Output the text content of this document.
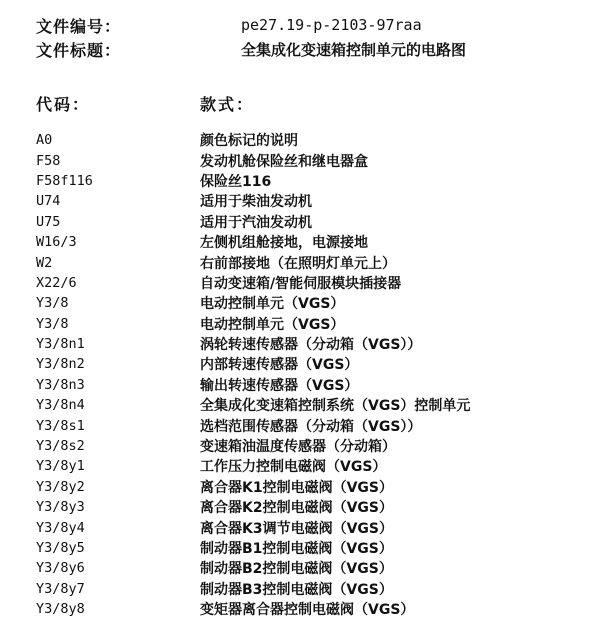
文件编号：	pe27.19-p-2103-97raa
文件标题：	全集成化变速箱控制单元的电路图
代码：	款式：
A0	颜色标记的说明
F58	发动机舱保险丝和继电器盒
F58f116	保险丝116
U74	适用于柴油发动机
U75	适用于汽油发动机
W16/3	左侧机组舱接地，电源接地
W2	右前部接地（在照明灯单元上）
X22/6	自动变速箱/智能伺服模块插接器
Y3/8	电动控制单元（VGS）
Y3/8	电动控制单元（VGS）
Y3/8n1	涡轮转速传感器（分动箱（VGS））
Y3/8n2	内部转速传感器（VGS）
Y3/8n3	输出转速传感器（VGS）
Y3/8n4	全集成化变速箱控制系统（VGS）控制单元
Y3/8s1	选档范围传感器（分动箱（VGS））
Y3/8s2	变速箱油温度传感器（分动箱）
Y3/8y1	工作压力控制电磁阀（VGS）
Y3/8y2	离合器K1控制电磁阀（VGS）
Y3/8y3	离合器K2控制电磁阀（VGS）
Y3/8y4	离合器K3调节电磁阀（VGS）
Y3/8y5	制动器B1控制电磁阀（VGS）
Y3/8y6	制动器B2控制电磁阀（VGS）
Y3/8y7	制动器B3控制电磁阀（VGS）
Y3/8y8	变矩器离合器控制电磁阀（VGS）
